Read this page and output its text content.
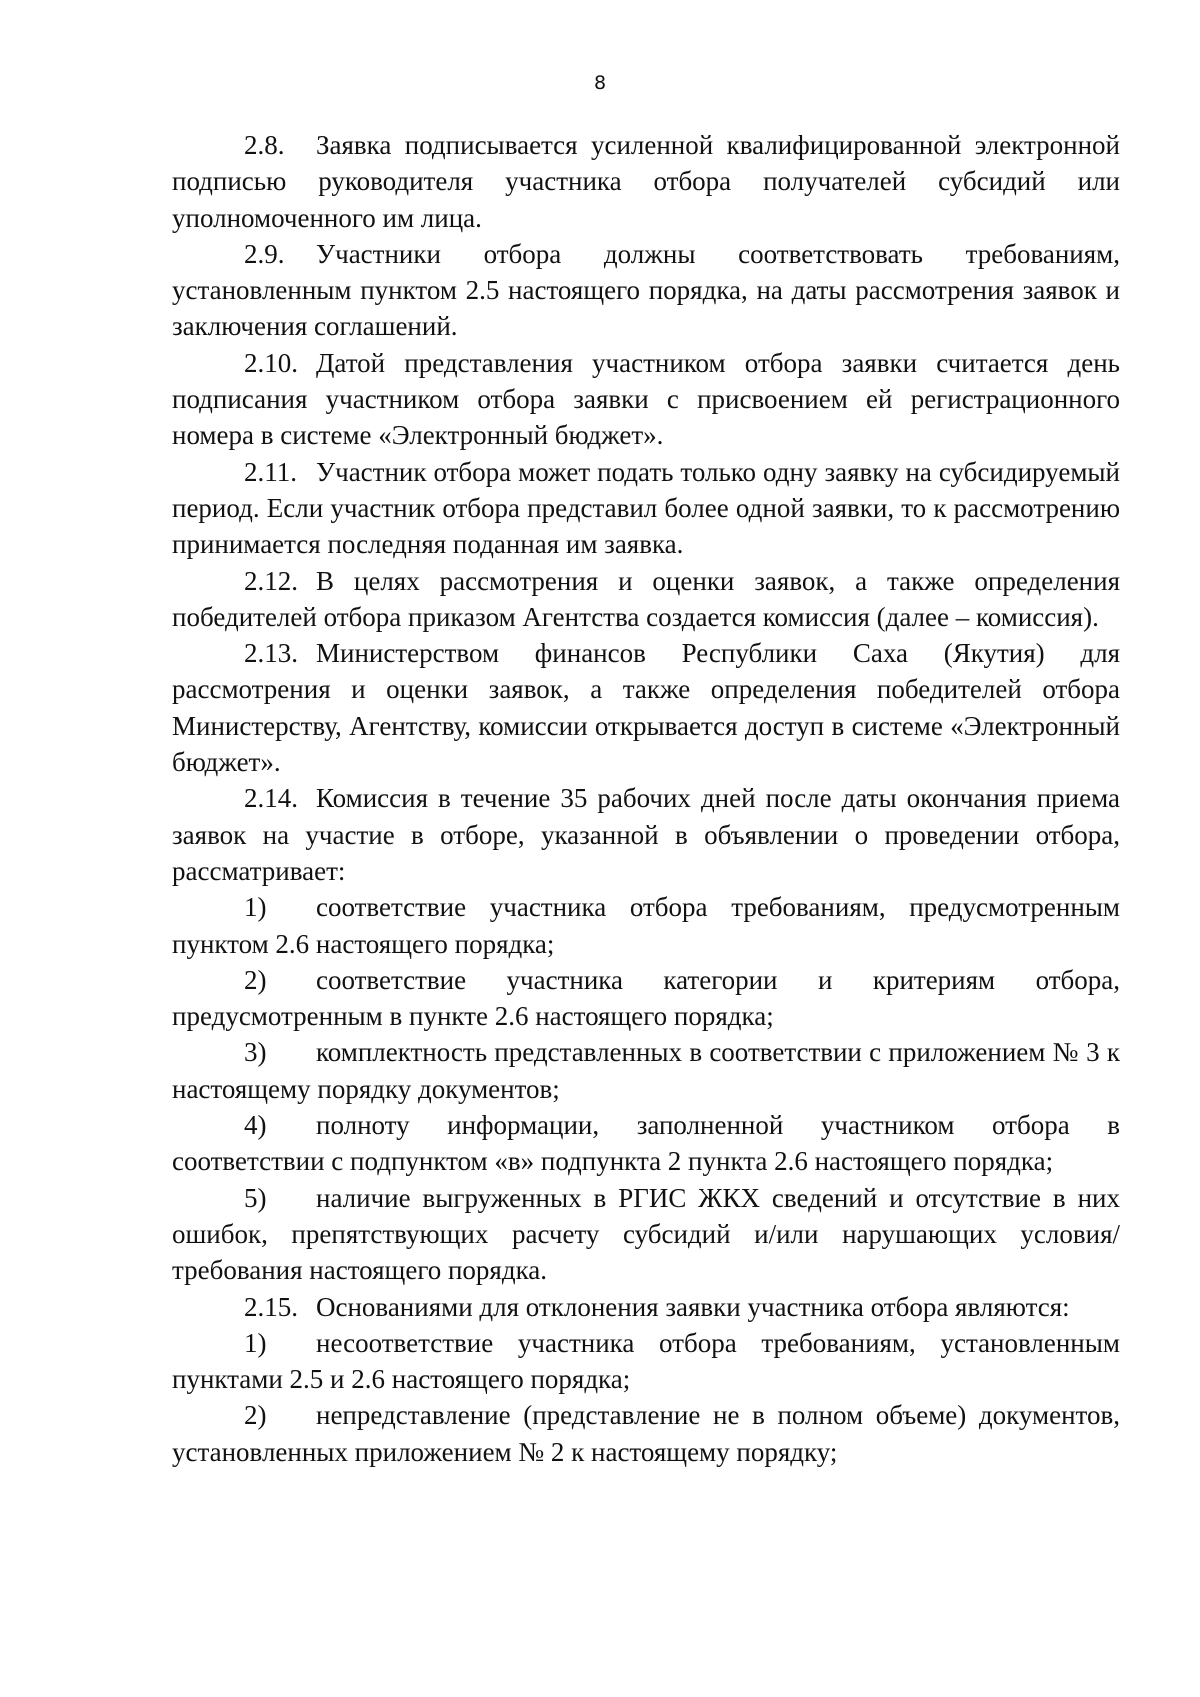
8

2.8. Заявка подписывается усиленной квалифицированной электронной подписью руководителя участника отбора получателей субсидий или уполномоченного им лица.

2.9. Участники отбора должны соответствовать требованиям, установленным пунктом 2.5 настоящего порядка, на даты рассмотрения заявок и заключения соглашений.

2.10. Датой представления участником отбора заявки считается день подписания участником отбора заявки с присвоением ей регистрационного номера в системе «Электронный бюджет».

2.11. Участник отбора может подать только одну заявку на субсидируемый период. Если участник отбора представил более одной заявки, то к рассмотрению принимается последняя поданная им заявка.

2.12. В целях рассмотрения и оценки заявок, а также определения победителей отбора приказом Агентства создается комиссия (далее – комиссия).

2.13. Министерством финансов Республики Саха (Якутия) для рассмотрения и оценки заявок, а также определения победителей отбора Министерству, Агентству, комиссии открывается доступ в системе «Электронный бюджет».

2.14. Комиссия в течение 35 рабочих дней после даты окончания приема заявок на участие в отборе, указанной в объявлении о проведении отбора, рассматривает:

1) соответствие участника отбора требованиям, предусмотренным пунктом 2.6 настоящего порядка;

2) соответствие участника категории и критериям отбора, предусмотренным в пункте 2.6 настоящего порядка;

3) комплектность представленных в соответствии с приложением № 3 к настоящему порядку документов;

4) полноту информации, заполненной участником отбора в соответствии с подпунктом «в» подпункта 2 пункта 2.6 настоящего порядка;

5) наличие выгруженных в РГИС ЖКХ сведений и отсутствие в них ошибок, препятствующих расчету субсидий и/или нарушающих условия/требования настоящего порядка.

2.15. Основаниями для отклонения заявки участника отбора являются:

1) несоответствие участника отбора требованиям, установленным пунктами 2.5 и 2.6 настоящего порядка;

2) непредставление (представление не в полном объеме) документов, установленных приложением № 2 к настоящему порядку;
